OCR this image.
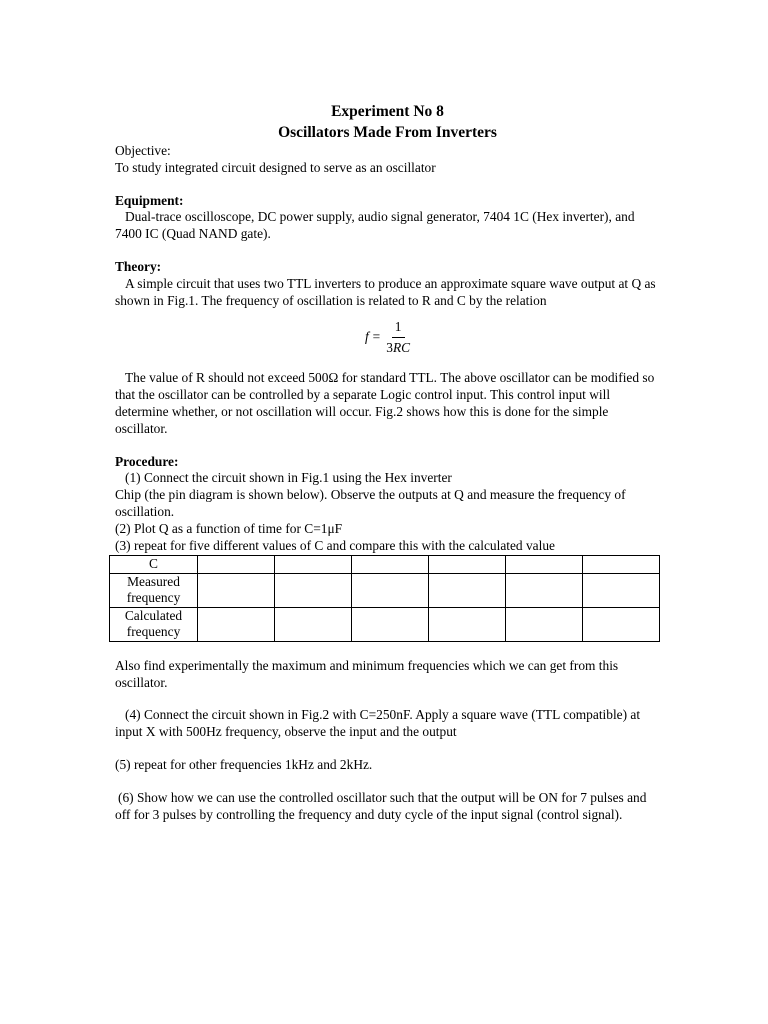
Experiment No 8
Oscillators Made From Inverters

Objective:

To study integrated circuit designed to serve as an oscillator

Equipment:

Dual-trace oscilloscope, DC power supply, audio signal generator, 7404 1C (Hex inverter), and 7400 IC (Quad NAND gate).

Theory:

A simple circuit that uses two TTL inverters to produce an approximate square wave output at Q as shown in Fig.1. The frequency of oscillation is related to R and C by the relation

$f = \frac{1}{3RC}$

The value of R should not exceed 500Ω for standard TTL. The above oscillator can be modified so that the oscillator can be controlled by a separate Logic control input. This control input will determine whether, or not oscillation will occur. Fig.2 shows how this is done for the simple oscillator.

Procedure:

(1) Connect the circuit shown in Fig.1 using the Hex inverter

Chip (the pin diagram is shown below). Observe the outputs at Q and measure the frequency of oscillation.

(2) Plot Q as a function of time for C=1μF

(3) repeat for five different values of C and compare this with the calculated value

C						
Measured frequency						
Calculated frequency						

Also find experimentally the maximum and minimum frequencies which we can get from this oscillator.

(4) Connect the circuit shown in Fig.2 with C=250nF. Apply a square wave (TTL compatible) at input X with 500Hz frequency, observe the input and the output

(5) repeat for other frequencies 1kHz and 2kHz.

(6) Show how we can use the controlled oscillator such that the output will be ON for 7 pulses and off for 3 pulses by controlling the frequency and duty cycle of the input signal (control signal).
